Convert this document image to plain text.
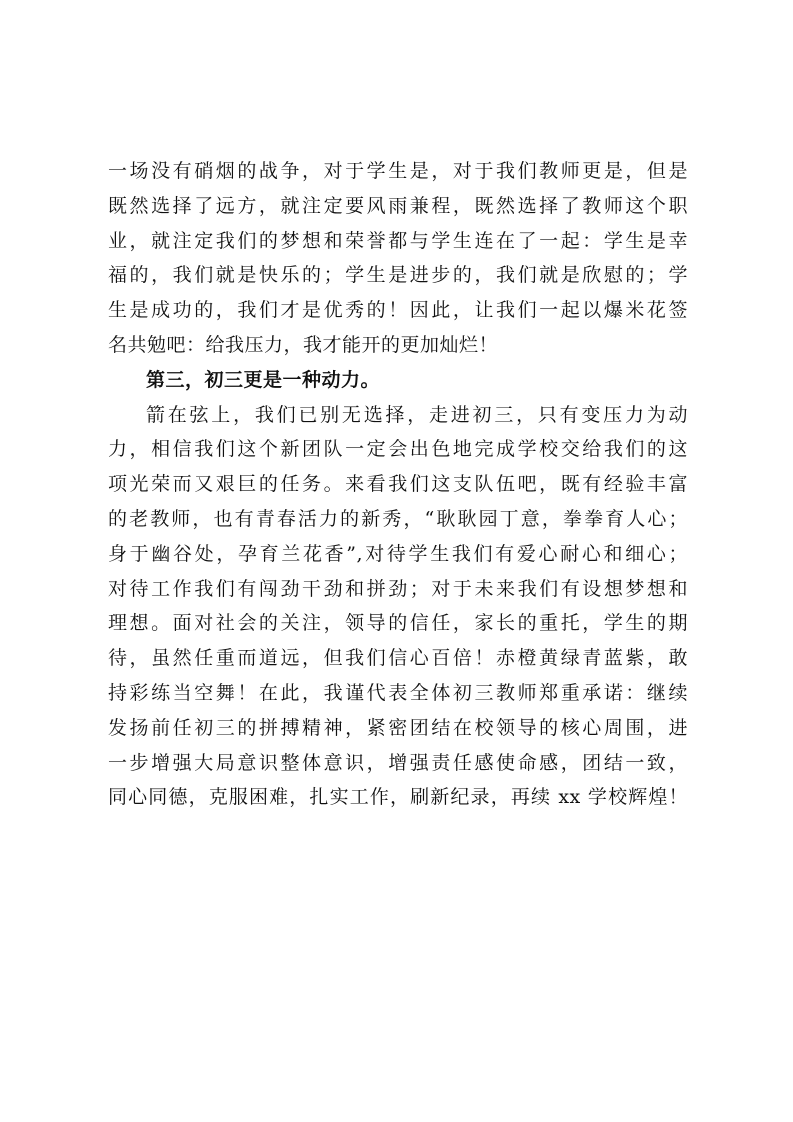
一场没有硝烟的战争，对于学生是，对于我们教师更是，但是
既然选择了远方，就注定要风雨兼程，既然选择了教师这个职
业，就注定我们的梦想和荣誉都与学生连在了一起：学生是幸
福的，我们就是快乐的；学生是进步的，我们就是欣慰的；学
生是成功的，我们才是优秀的！因此，让我们一起以爆米花签
名共勉吧：给我压力，我才能开的更加灿烂！
第三，初三更是一种动力。
箭在弦上，我们已别无选择，走进初三，只有变压力为动
力，相信我们这个新团队一定会出色地完成学校交给我们的这
项光荣而又艰巨的任务。来看我们这支队伍吧，既有经验丰富
的老教师，也有青春活力的新秀，“耿耿园丁意，拳拳育人心；
身于幽谷处，孕育兰花香”,对待学生我们有爱心耐心和细心；
对待工作我们有闯劲干劲和拼劲；对于未来我们有设想梦想和
理想。面对社会的关注，领导的信任，家长的重托，学生的期
待，虽然任重而道远，但我们信心百倍！赤橙黄绿青蓝紫，敢
持彩练当空舞！在此，我谨代表全体初三教师郑重承诺：继续
发扬前任初三的拼搏精神，紧密团结在校领导的核心周围，进
一步增强大局意识整体意识，增强责任感使命感，团结一致，
同心同德，克服困难，扎实工作，刷新纪录，再续 xx 学校辉煌！
